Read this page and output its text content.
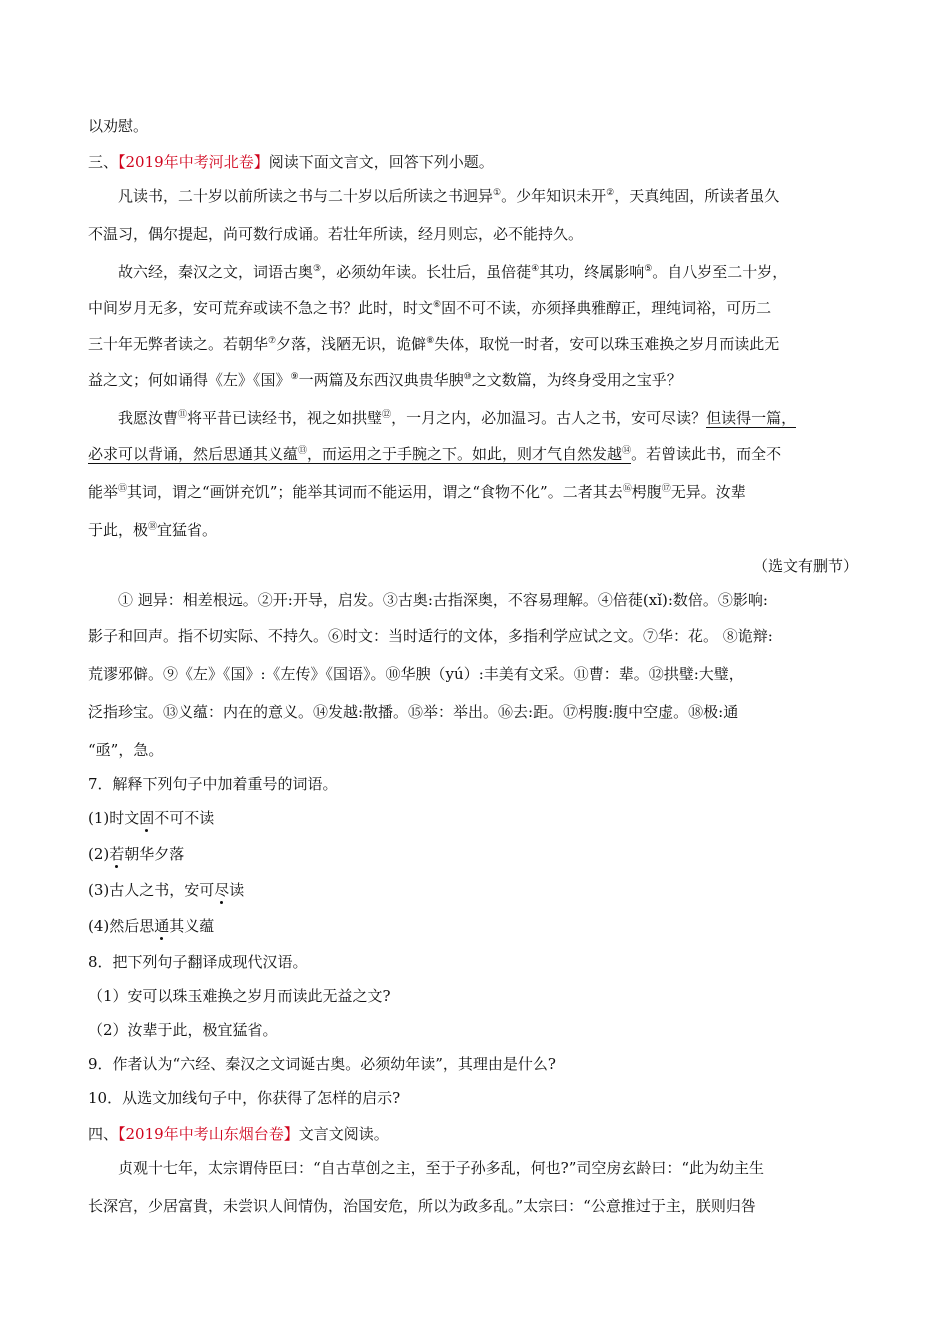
以劝慰。
三、【2019年中考河北卷】阅读下面文言文，回答下列小题。
凡读书，二十岁以前所读之书与二十岁以后所读之书迥异①。少年知识未开②，天真纯固，所读者虽久
不温习，偶尔提起，尚可数行成诵。若壮年所读，经月则忘，必不能持久。
故六经，秦汉之文，词语古奥③，必须幼年读。长壮后，虽倍蓰④其功，终属影响⑤。自八岁至二十岁，
中间岁月无多，安可荒弃或读不急之书？此时，时文⑥固不可不读，亦须择典雅醇正，理纯词裕，可历二
三十年无弊者读之。若朝华⑦夕落，浅陋无识，诡僻⑧失体，取悦一时者，安可以珠玉难换之岁月而读此无
益之文；何如诵得《左》《国》⑨一两篇及东西汉典贵华腴⑩之文数篇，为终身受用之宝乎？
我愿汝曹⑪将平昔已读经书，视之如拱璧⑫，一月之内，必加温习。古人之书，安可尽读？但读得一篇，
必求可以背诵，然后思通其义蕴⑬，而运用之于手腕之下。如此，则才气自然发越⑭。若曾读此书，而全不
能举⑮其词，谓之“画饼充饥”；能举其词而不能运用，谓之“食物不化”。二者其去⑯枵腹⑰无异。汝辈
于此，极⑱宜猛省。
（选文有删节）
① 迥异：相差根远。②开:开导，启发。③古奥:古指深奥，不容易理解。④倍蓰(xǐ):数倍。⑤影响:
影子和回声。指不切实际、不持久。⑥时文：当时适行的文体，多指利学应试之文。⑦华：花。 ⑧诡辩:
荒谬邪僻。⑨《左》《国》:《左传》《国语》。⑩华腴（yú）:丰美有文采。⑪曹：辈。⑫拱璧:大璧，
泛指珍宝。⑬义蕴：内在的意义。⑭发越:散播。⑮举：举出。⑯去:距。⑰枵腹:腹中空虚。⑱极:通
“亟”，急。
7．解释下列句子中加着重号的词语。
(1)时文固不可不读
(2)若朝华夕落
(3)古人之书，安可尽读
(4)然后思通其义蕴
8．把下列句子翻译成现代汉语。
（1）安可以珠玉难换之岁月而读此无益之文?
（2）汝辈于此，极宜猛省。
9．作者认为“六经、秦汉之文词诞古奥。必须幼年读”，其理由是什么?
10．从选文加线句子中，你获得了怎样的启示?
四、【2019年中考山东烟台卷】文言文阅读。
贞观十七年，太宗谓侍臣曰：“自古草创之主，至于子孙多乱，何也?”司空房玄龄曰：“此为幼主生
长深宫，少居富貴，未尝识人间情伪，治国安危，所以为政多乱。”太宗曰：“公意推过于主，朕则归咎
